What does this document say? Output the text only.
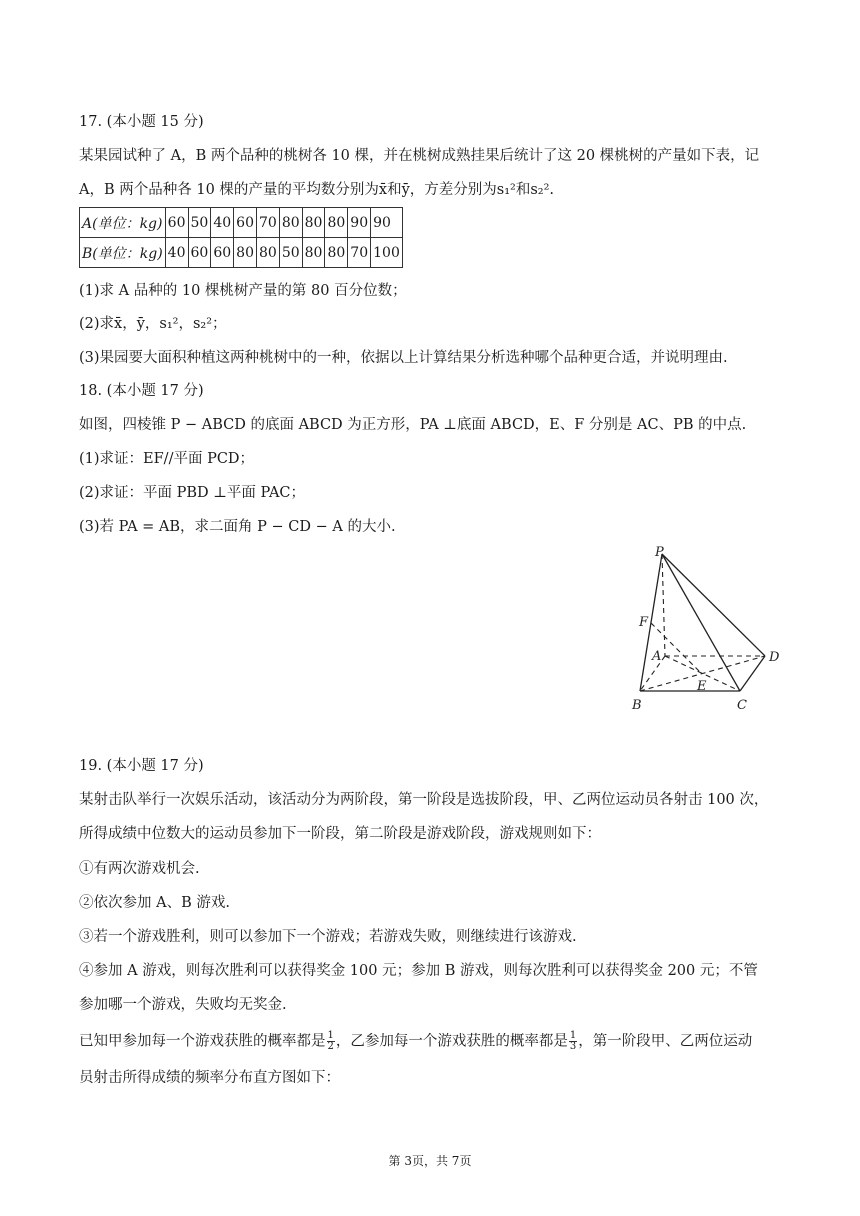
17. (本小题 15 分)
某果园试种了 A，B 两个品种的桃树各 10 棵，并在桃树成熟挂果后统计了这 20 棵桃树的产量如下表，记
A，B 两个品种各 10 棵的产量的平均数分别为x̄和ȳ，方差分别为s₁²和s₂².
A(单位：kg)	60	50	40	60	70	80	80	80	90	90
B(单位：kg)	40	60	60	80	80	50	80	80	70	100
(1)求 A 品种的 10 棵桃树产量的第 80 百分位数；
(2)求x̄，ȳ，s₁²，s₂²；
(3)果园要大面积种植这两种桃树中的一种，依据以上计算结果分析选种哪个品种更合适，并说明理由.
18. (本小题 17 分)
如图，四棱锥 P − ABCD 的底面 ABCD 为正方形，PA ⊥底面 ABCD，E、F 分别是 AC、PB 的中点.
(1)求证：EF//平面 PCD；
(2)求证：平面 PBD ⊥平面 PAC；
(3)若 PA = AB，求二面角 P − CD − A 的大小.
P
F
A	D
E
B	C
19. (本小题 17 分)
某射击队举行一次娱乐活动，该活动分为两阶段，第一阶段是选拔阶段，甲、乙两位运动员各射击 100 次，
所得成绩中位数大的运动员参加下一阶段，第二阶段是游戏阶段，游戏规则如下：
①有两次游戏机会.
②依次参加 A、B 游戏.
③若一个游戏胜利，则可以参加下一个游戏；若游戏失败，则继续进行该游戏.
④参加 A 游戏，则每次胜利可以获得奖金 100 元；参加 B 游戏，则每次胜利可以获得奖金 200 元；不管
参加哪一个游戏，失败均无奖金.
已知甲参加每一个游戏获胜的概率都是 $\frac{1}{2}$ ，乙参加每一个游戏获胜的概率都是 $\frac{1}{3}$ ，第一阶段甲、乙两位运动
员射击所得成绩的频率分布直方图如下：
第 3页，共 7页
